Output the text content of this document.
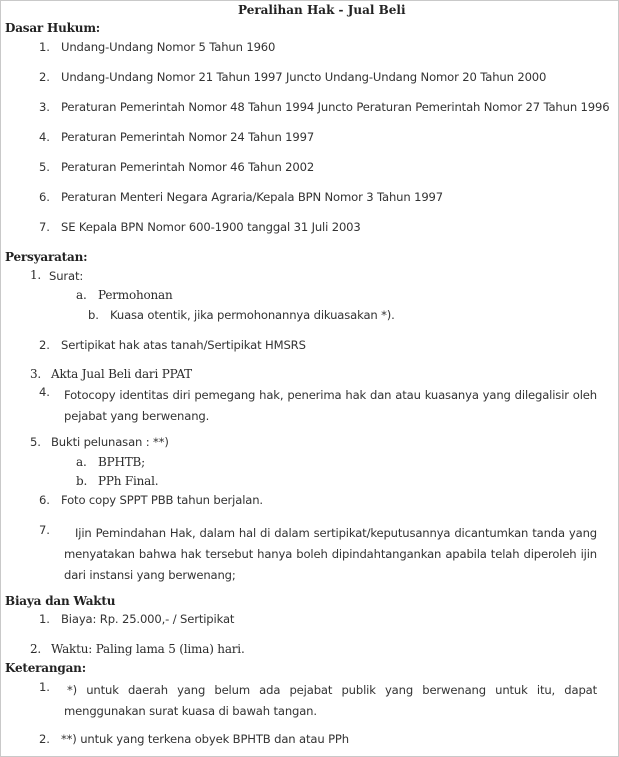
Peralihan Hak - Jual Beli
Dasar Hukum:
1. Undang-Undang Nomor 5 Tahun 1960
2. Undang-Undang Nomor 21 Tahun 1997 Juncto Undang-Undang Nomor 20 Tahun 2000
3. Peraturan Pemerintah Nomor 48 Tahun 1994 Juncto Peraturan Pemerintah Nomor 27 Tahun 1996
4. Peraturan Pemerintah Nomor 24 Tahun 1997
5. Peraturan Pemerintah Nomor 46 Tahun 2002
6. Peraturan Menteri Negara Agraria/Kepala BPN Nomor 3 Tahun 1997
7. SE Kepala BPN Nomor 600-1900 tanggal 31 Juli 2003
Persyaratan:
1. Surat:
a. Permohonan
b. Kuasa otentik, jika permohonannya dikuasakan *).
2. Sertipikat hak atas tanah/Sertipikat HMSRS
3. Akta Jual Beli dari PPAT
4. Fotocopy identitas diri pemegang hak, penerima hak dan atau kuasanya yang dilegalisir oleh pejabat yang berwenang.
5. Bukti pelunasan : **)
a. BPHTB;
b. PPh Final.
6. Foto copy SPPT PBB tahun berjalan.
7.	Ijin Pemindahan Hak, dalam hal di dalam sertipikat/keputusannya dicantumkan tanda yang menyatakan bahwa hak tersebut hanya boleh dipindahtangankan apabila telah diperoleh ijin dari instansi yang berwenang;
Biaya dan Waktu
1. Biaya: Rp. 25.000,- / Sertipikat
2. Waktu: Paling lama 5 (lima) hari.
Keterangan:
1. *) untuk daerah yang belum ada pejabat publik yang berwenang untuk itu, dapat menggunakan surat kuasa di bawah tangan.
2. **) untuk yang terkena obyek BPHTB dan atau PPh
